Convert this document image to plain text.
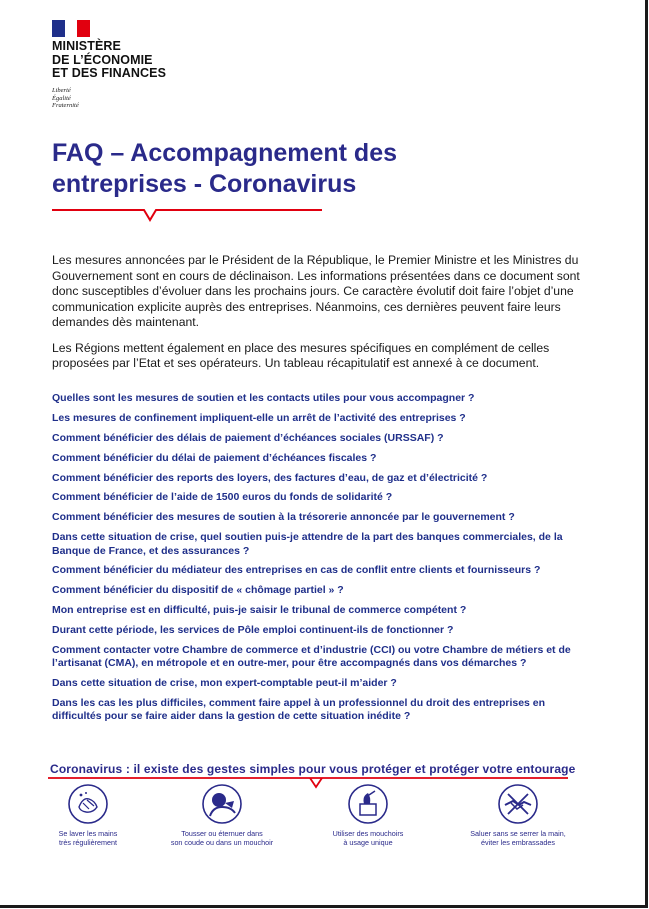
MINISTÈRE
DE L’ÉCONOMIE
ET DES FINANCES
Liberté
Égalité
Fraternité
FAQ – Accompagnement des
entreprises - Coronavirus

Les mesures annoncées par le Président de la République, le Premier Ministre et les Ministres du Gouvernement sont en cours de déclinaison. Les informations présentées dans ce document sont donc susceptibles d’évoluer dans les prochains jours. Ce caractère évolutif doit faire l’objet d’une communication explicite auprès des entreprises. Néanmoins, ces dernières peuvent faire leurs demandes dès maintenant.

Les Régions mettent également en place des mesures spécifiques en complément de celles proposées par l’Etat et ses opérateurs. Un tableau récapitulatif est annexé à ce document.

Quelles sont les mesures de soutien et les contacts utiles pour vous accompagner ?
Les mesures de confinement impliquent-elle un arrêt de l’activité des entreprises ?
Comment bénéficier des délais de paiement d’échéances sociales (URSSAF) ?
Comment bénéficier du délai de paiement d’échéances fiscales ?
Comment bénéficier des reports des loyers, des factures d’eau, de gaz et d’électricité ?
Comment bénéficier de l’aide de 1500 euros du fonds de solidarité ?
Comment bénéficier des mesures de soutien à la trésorerie annoncée par le gouvernement ?
Dans cette situation de crise, quel soutien puis-je attendre de la part des banques commerciales, de la Banque de France, et des assurances ?
Comment bénéficier du médiateur des entreprises en cas de conflit entre clients et fournisseurs ?
Comment bénéficier du dispositif de « chômage partiel » ?
Mon entreprise est en difficulté, puis-je saisir le tribunal de commerce compétent ?
Durant cette période, les services de Pôle emploi continuent-ils de fonctionner ?
Comment contacter votre Chambre de commerce et d’industrie (CCI) ou votre Chambre de métiers et de l’artisanat (CMA), en métropole et en outre-mer, pour être accompagnés dans vos démarches ?
Dans cette situation de crise, mon expert-comptable peut-il m’aider ?
Dans les cas les plus difficiles, comment faire appel à un professionnel du droit des entreprises en difficultés pour se faire aider dans la gestion de cette situation inédite ?
Coronavirus : il existe des gestes simples pour vous protéger et protéger votre entourage
Se laver les mains
très régulièrement
Tousser ou éternuer dans
son coude ou dans un mouchoir
Utiliser des mouchoirs
à usage unique
Saluer sans se serrer la main,
éviter les embrassades
